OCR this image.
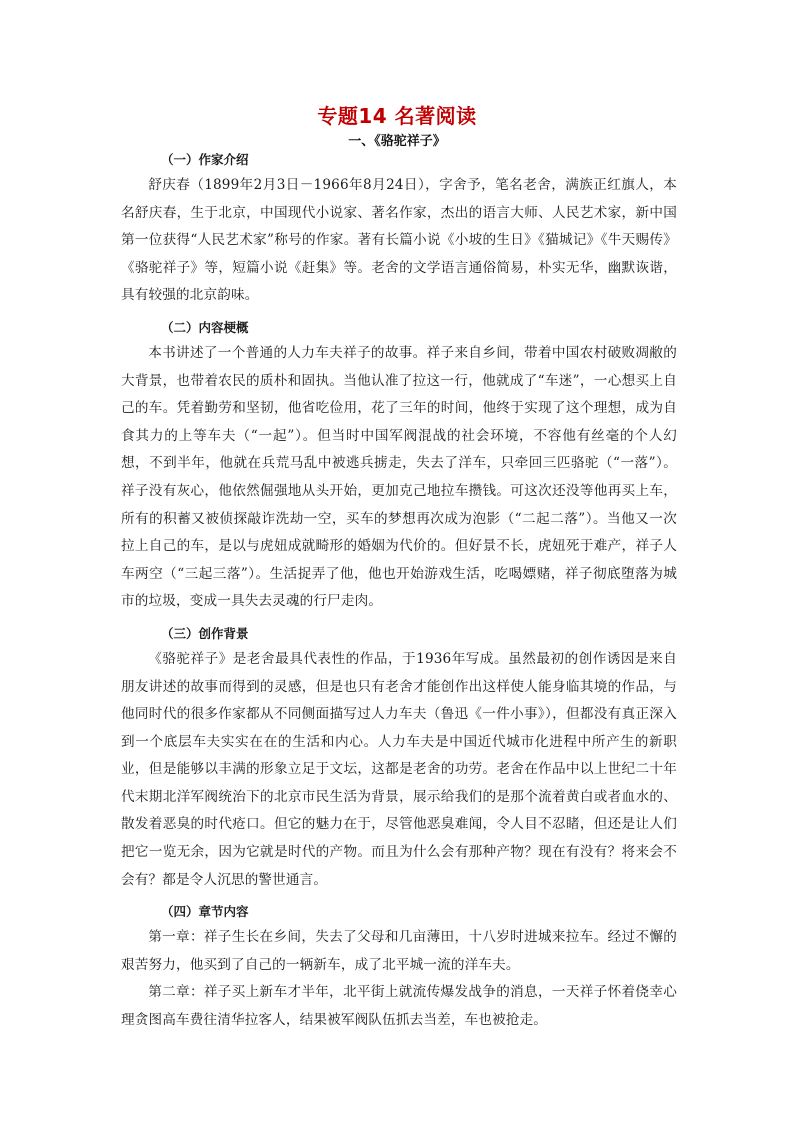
专题14 名著阅读
一、《骆驼祥子》
（一）作家介绍

舒庆春（1899年2月3日－1966年8月24日），字舍予，笔名老舍，满族正红旗人，本名舒庆春，生于北京，中国现代小说家、著名作家，杰出的语言大师、人民艺术家，新中国第一位获得“人民艺术家”称号的作家。著有长篇小说《小坡的生日》《猫城记》《牛天赐传》《骆驼祥子》等，短篇小说《赶集》等。老舍的文学语言通俗简易，朴实无华，幽默诙谐，具有较强的北京韵味。

（二）内容梗概

本书讲述了一个普通的人力车夫祥子的故事。祥子来自乡间，带着中国农村破败凋敝的大背景，也带着农民的质朴和固执。当他认准了拉这一行，他就成了“车迷”，一心想买上自己的车。凭着勤劳和坚韧，他省吃俭用，花了三年的时间，他终于实现了这个理想，成为自食其力的上等车夫（“一起”）。但当时中国军阀混战的社会环境，不容他有丝毫的个人幻想，不到半年，他就在兵荒马乱中被逃兵掳走，失去了洋车，只牵回三匹骆驼（“一落”）。祥子没有灰心，他依然倔强地从头开始，更加克己地拉车攒钱。可这次还没等他再买上车，所有的积蓄又被侦探敲诈洗劫一空，买车的梦想再次成为泡影（“二起二落”）。当他又一次拉上自己的车，是以与虎妞成就畸形的婚姻为代价的。但好景不长，虎妞死于难产，祥子人车两空（“三起三落”）。生活捉弄了他，他也开始游戏生活，吃喝嫖赌，祥子彻底堕落为城市的垃圾，变成一具失去灵魂的行尸走肉。

（三）创作背景

《骆驼祥子》是老舍最具代表性的作品，于1936年写成。虽然最初的创作诱因是来自朋友讲述的故事而得到的灵感，但是也只有老舍才能创作出这样使人能身临其境的作品，与他同时代的很多作家都从不同侧面描写过人力车夫（鲁迅《一件小事》），但都没有真正深入到一个底层车夫实实在在的生活和内心。人力车夫是中国近代城市化进程中所产生的新职业，但是能够以丰满的形象立足于文坛，这都是老舍的功劳。老舍在作品中以上世纪二十年代末期北洋军阀统治下的北京市民生活为背景，展示给我们的是那个流着黄白或者血水的、散发着恶臭的时代疮口。但它的魅力在于，尽管他恶臭难闻，令人目不忍睹，但还是让人们把它一览无余，因为它就是时代的产物。而且为什么会有那种产物？现在有没有？将来会不会有？都是令人沉思的警世通言。

（四）章节内容

第一章：祥子生长在乡间，失去了父母和几亩薄田，十八岁时进城来拉车。经过不懈的艰苦努力，他买到了自己的一辆新车，成了北平城一流的洋车夫。

第二章：祥子买上新车才半年，北平街上就流传爆发战争的消息，一天祥子怀着侥幸心理贪图高车费往清华拉客人，结果被军阀队伍抓去当差，车也被抢走。
